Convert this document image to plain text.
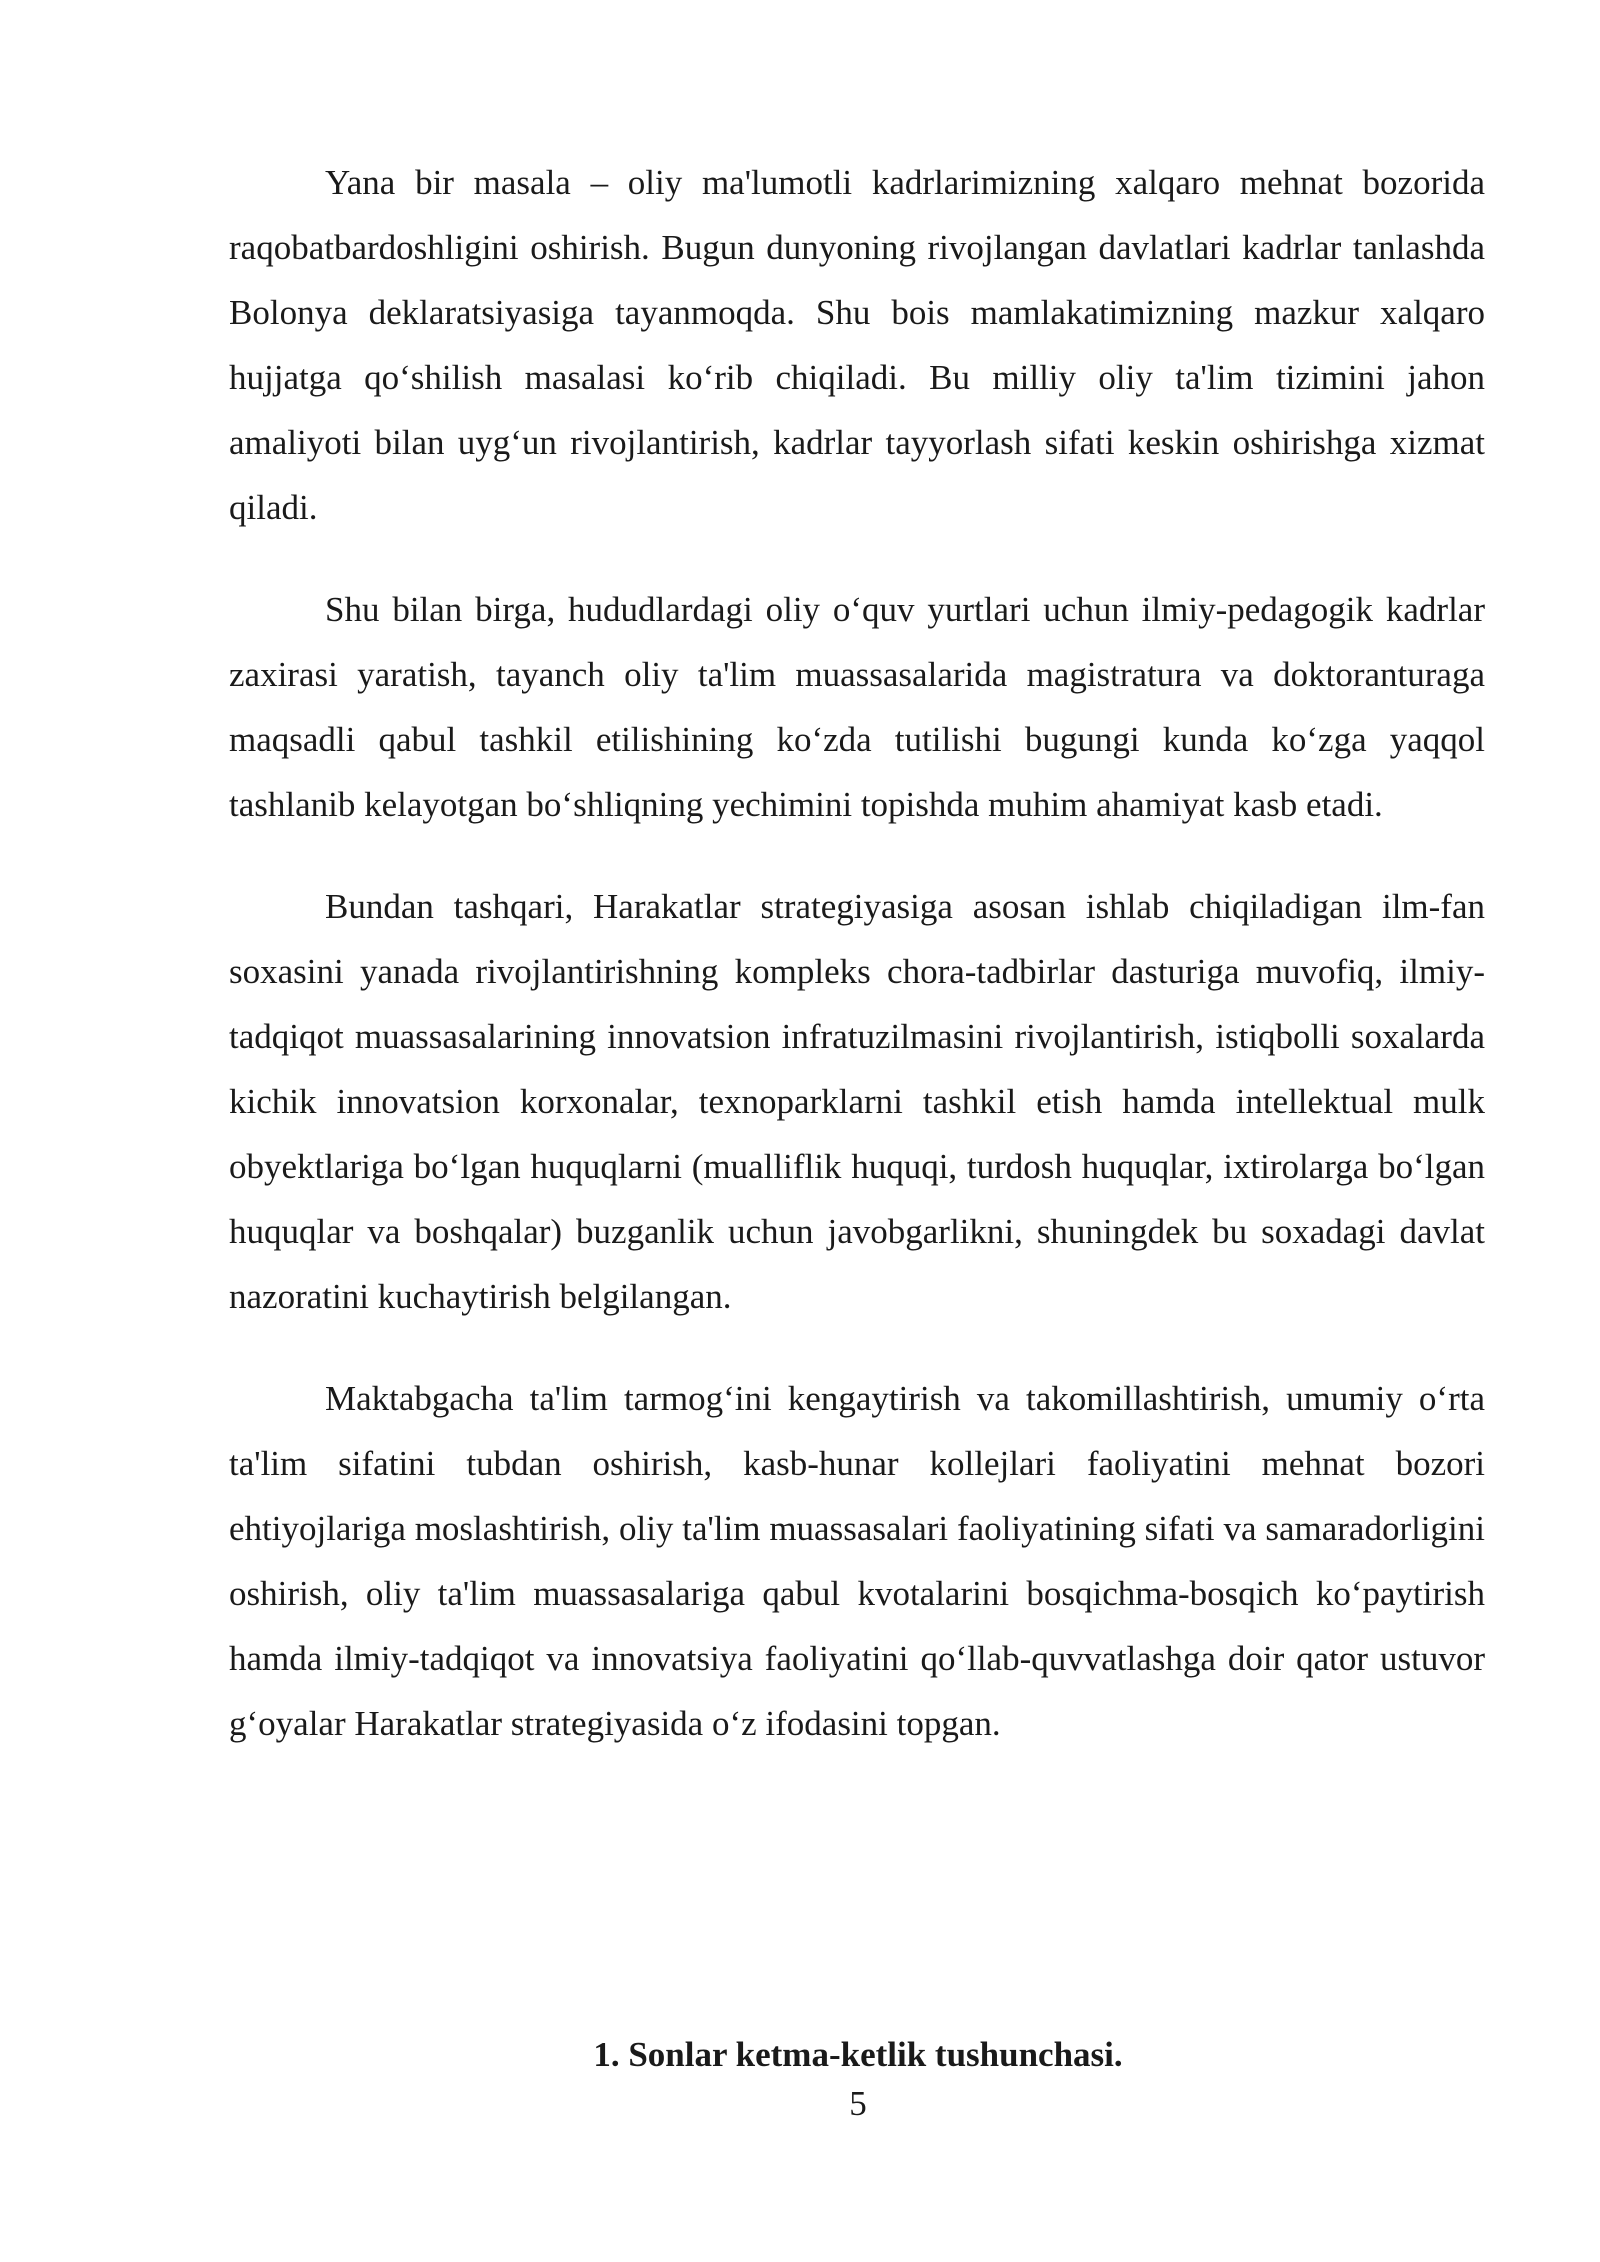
Yana bir masala – oliy ma'lumotli kadrlarimizning xalqaro mehnat bozorida raqobatbardoshligini oshirish. Bugun dunyoning rivojlangan davlatlari kadrlar tanlashda Bolonya deklaratsiyasiga tayanmoqda. Shu bois mamlakatimizning mazkur xalqaro hujjatga qo‘shilish masalasi ko‘rib chiqiladi. Bu milliy oliy ta'lim tizimini jahon amaliyoti bilan uyg‘un rivojlantirish, kadrlar tayyorlash sifati keskin oshirishga xizmat qiladi.

Shu bilan birga, hududlardagi oliy o‘quv yurtlari uchun ilmiy-pedagogik kadrlar zaxirasi yaratish, tayanch oliy ta'lim muassasalarida magistratura va doktoranturaga maqsadli qabul tashkil etilishining ko‘zda tutilishi bugungi kunda ko‘zga yaqqol tashlanib kelayotgan bo‘shliqning yechimini topishda muhim ahamiyat kasb etadi.

Bundan tashqari, Harakatlar strategiyasiga asosan ishlab chiqiladigan ilm-fan soxasini yanada rivojlantirishning kompleks chora-tadbirlar dasturiga muvofiq, ilmiy-tadqiqot muassasalarining innovatsion infratuzilmasini rivojlantirish, istiqbolli soxalarda kichik innovatsion korxonalar, texnoparklarni tashkil etish hamda intellektual mulk obyektlariga bo‘lgan huquqlarni (mualliflik huquqi, turdosh huquqlar, ixtirolarga bo‘lgan huquqlar va boshqalar) buzganlik uchun javobgarlikni, shuningdek bu soxadagi davlat nazoratini kuchaytirish belgilangan.

Maktabgacha ta'lim tarmog‘ini kengaytirish va takomillashtirish, umumiy o‘rta ta'lim sifatini tubdan oshirish, kasb-hunar kollejlari faoliyatini mehnat bozori ehtiyojlariga moslashtirish, oliy ta'lim muassasalari faoliyatining sifati va samaradorligini oshirish, oliy ta'lim muassasalariga qabul kvotalarini bosqichma-bosqich ko‘paytirish hamda ilmiy-tadqiqot va innovatsiya faoliyatini qo‘llab-quvvatlashga doir qator ustuvor g‘oyalar Harakatlar strategiyasida o‘z ifodasini topgan.

1. Sonlar ketma-ketlik tushunchasi.
5
